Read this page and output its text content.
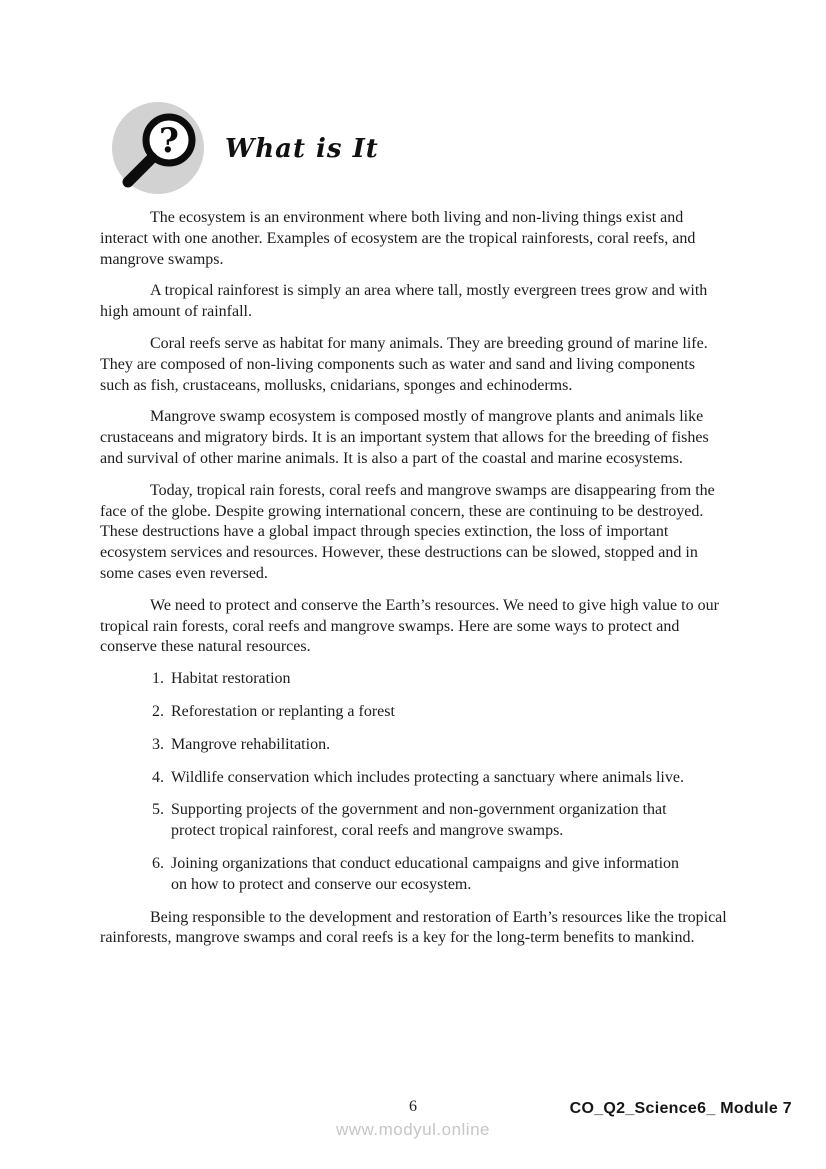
? What is It

The ecosystem is an environment where both living and non-living things exist and interact with one another. Examples of ecosystem are the tropical rainforests, coral reefs, and mangrove swamps.

A tropical rainforest is simply an area where tall, mostly evergreen trees grow and with high amount of rainfall.

Coral reefs serve as habitat for many animals. They are breeding ground of marine life. They are composed of non-living components such as water and sand and living components such as fish, crustaceans, mollusks, cnidarians, sponges and echinoderms.

Mangrove swamp ecosystem is composed mostly of mangrove plants and animals like crustaceans and migratory birds. It is an important system that allows for the breeding of fishes and survival of other marine animals. It is also a part of the coastal and marine ecosystems.

Today, tropical rain forests, coral reefs and mangrove swamps are disappearing from the face of the globe. Despite growing international concern, these are continuing to be destroyed.  These destructions have a global impact through species extinction, the loss of important ecosystem services and resources. However, these destructions can be slowed, stopped and in some cases even reversed.

We need to protect and conserve the Earth’s resources. We need to give high value to our tropical rain forests, coral reefs and mangrove swamps. Here are some ways to protect and conserve these natural resources.

1. Habitat restoration
2. Reforestation or replanting a forest
3. Mangrove rehabilitation.
4. Wildlife conservation which includes protecting a sanctuary where animals live.
5. Supporting projects of the government and non-government organization that protect tropical rainforest, coral reefs and mangrove swamps.
6. Joining organizations that conduct educational campaigns and give information on how to protect and conserve our ecosystem.

Being responsible to the development and restoration of Earth’s resources like the tropical rainforests, mangrove swamps and coral reefs is a key for the long-term benefits to mankind.

6	CO_Q2_Science6_ Module 7
www.modyul.online
